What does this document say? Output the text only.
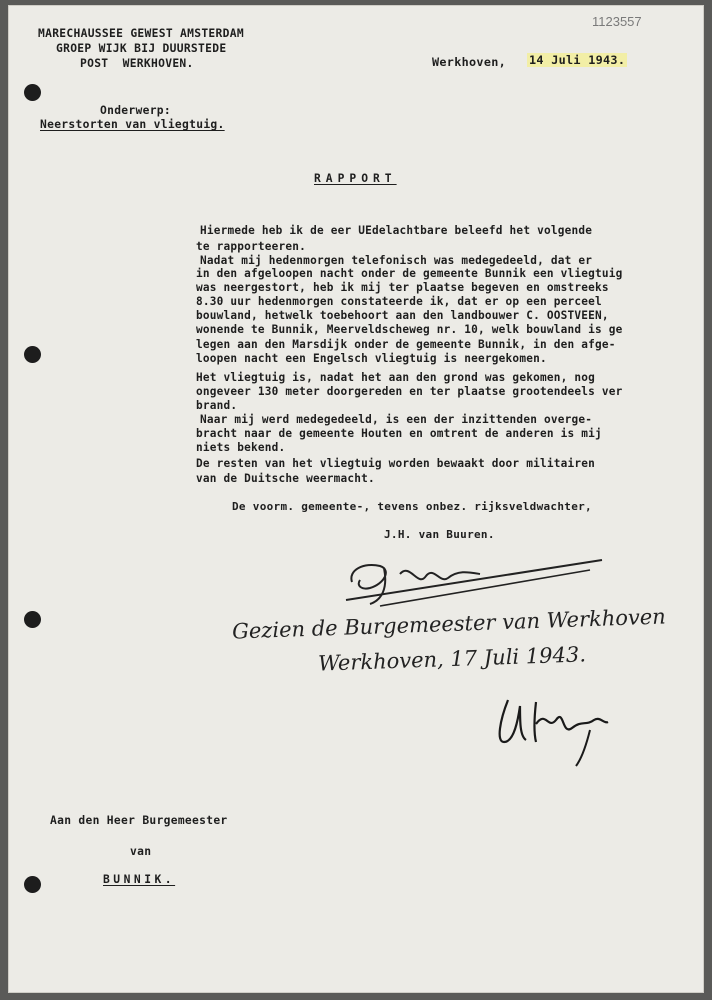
1123557
MARECHAUSSEE GEWEST AMSTERDAM
GROEP WIJK BIJ DUURSTEDE
POST  WERKHOVEN.	Werkhoven, 14 Juli 1943.
Onderwerp:
Neerstorten van vliegtuig.
RAPPORT
Hiermede heb ik de eer UEdelachtbare beleefd het volgende
te rapporteeren.
Nadat mij hedenmorgen telefonisch was medegedeeld, dat er
in den afgeloopen nacht onder de gemeente Bunnik een vliegtuig
was neergestort, heb ik mij ter plaatse begeven en omstreeks
8.30 uur hedenmorgen constateerde ik, dat er op een perceel
bouwland, hetwelk toebehoort aan den landbouwer C. OOSTVEEN,
wonende te Bunnik, Meerveldscheweg nr. 10, welk bouwland is ge
legen aan den Marsdijk onder de gemeente Bunnik, in den afge-
loopen nacht een Engelsch vliegtuig is neergekomen.
Het vliegtuig is, nadat het aan den grond was gekomen, nog
ongeveer 130 meter doorgereden en ter plaatse grootendeels ver
brand.
Naar mij werd medegedeeld, is een der inzittenden overge-
bracht naar de gemeente Houten en omtrent de anderen is mij
niets bekend.
De resten van het vliegtuig worden bewaakt door militairen
van de Duitsche weermacht.
De voorm. gemeente-, tevens onbez. rijksveldwachter,
J.H. van Buuren.
Gezien de Burgemeester van Werkhoven
Werkhoven, 17 Juli 1943.
Aan den Heer Burgemeester
van
BUNNIK.
